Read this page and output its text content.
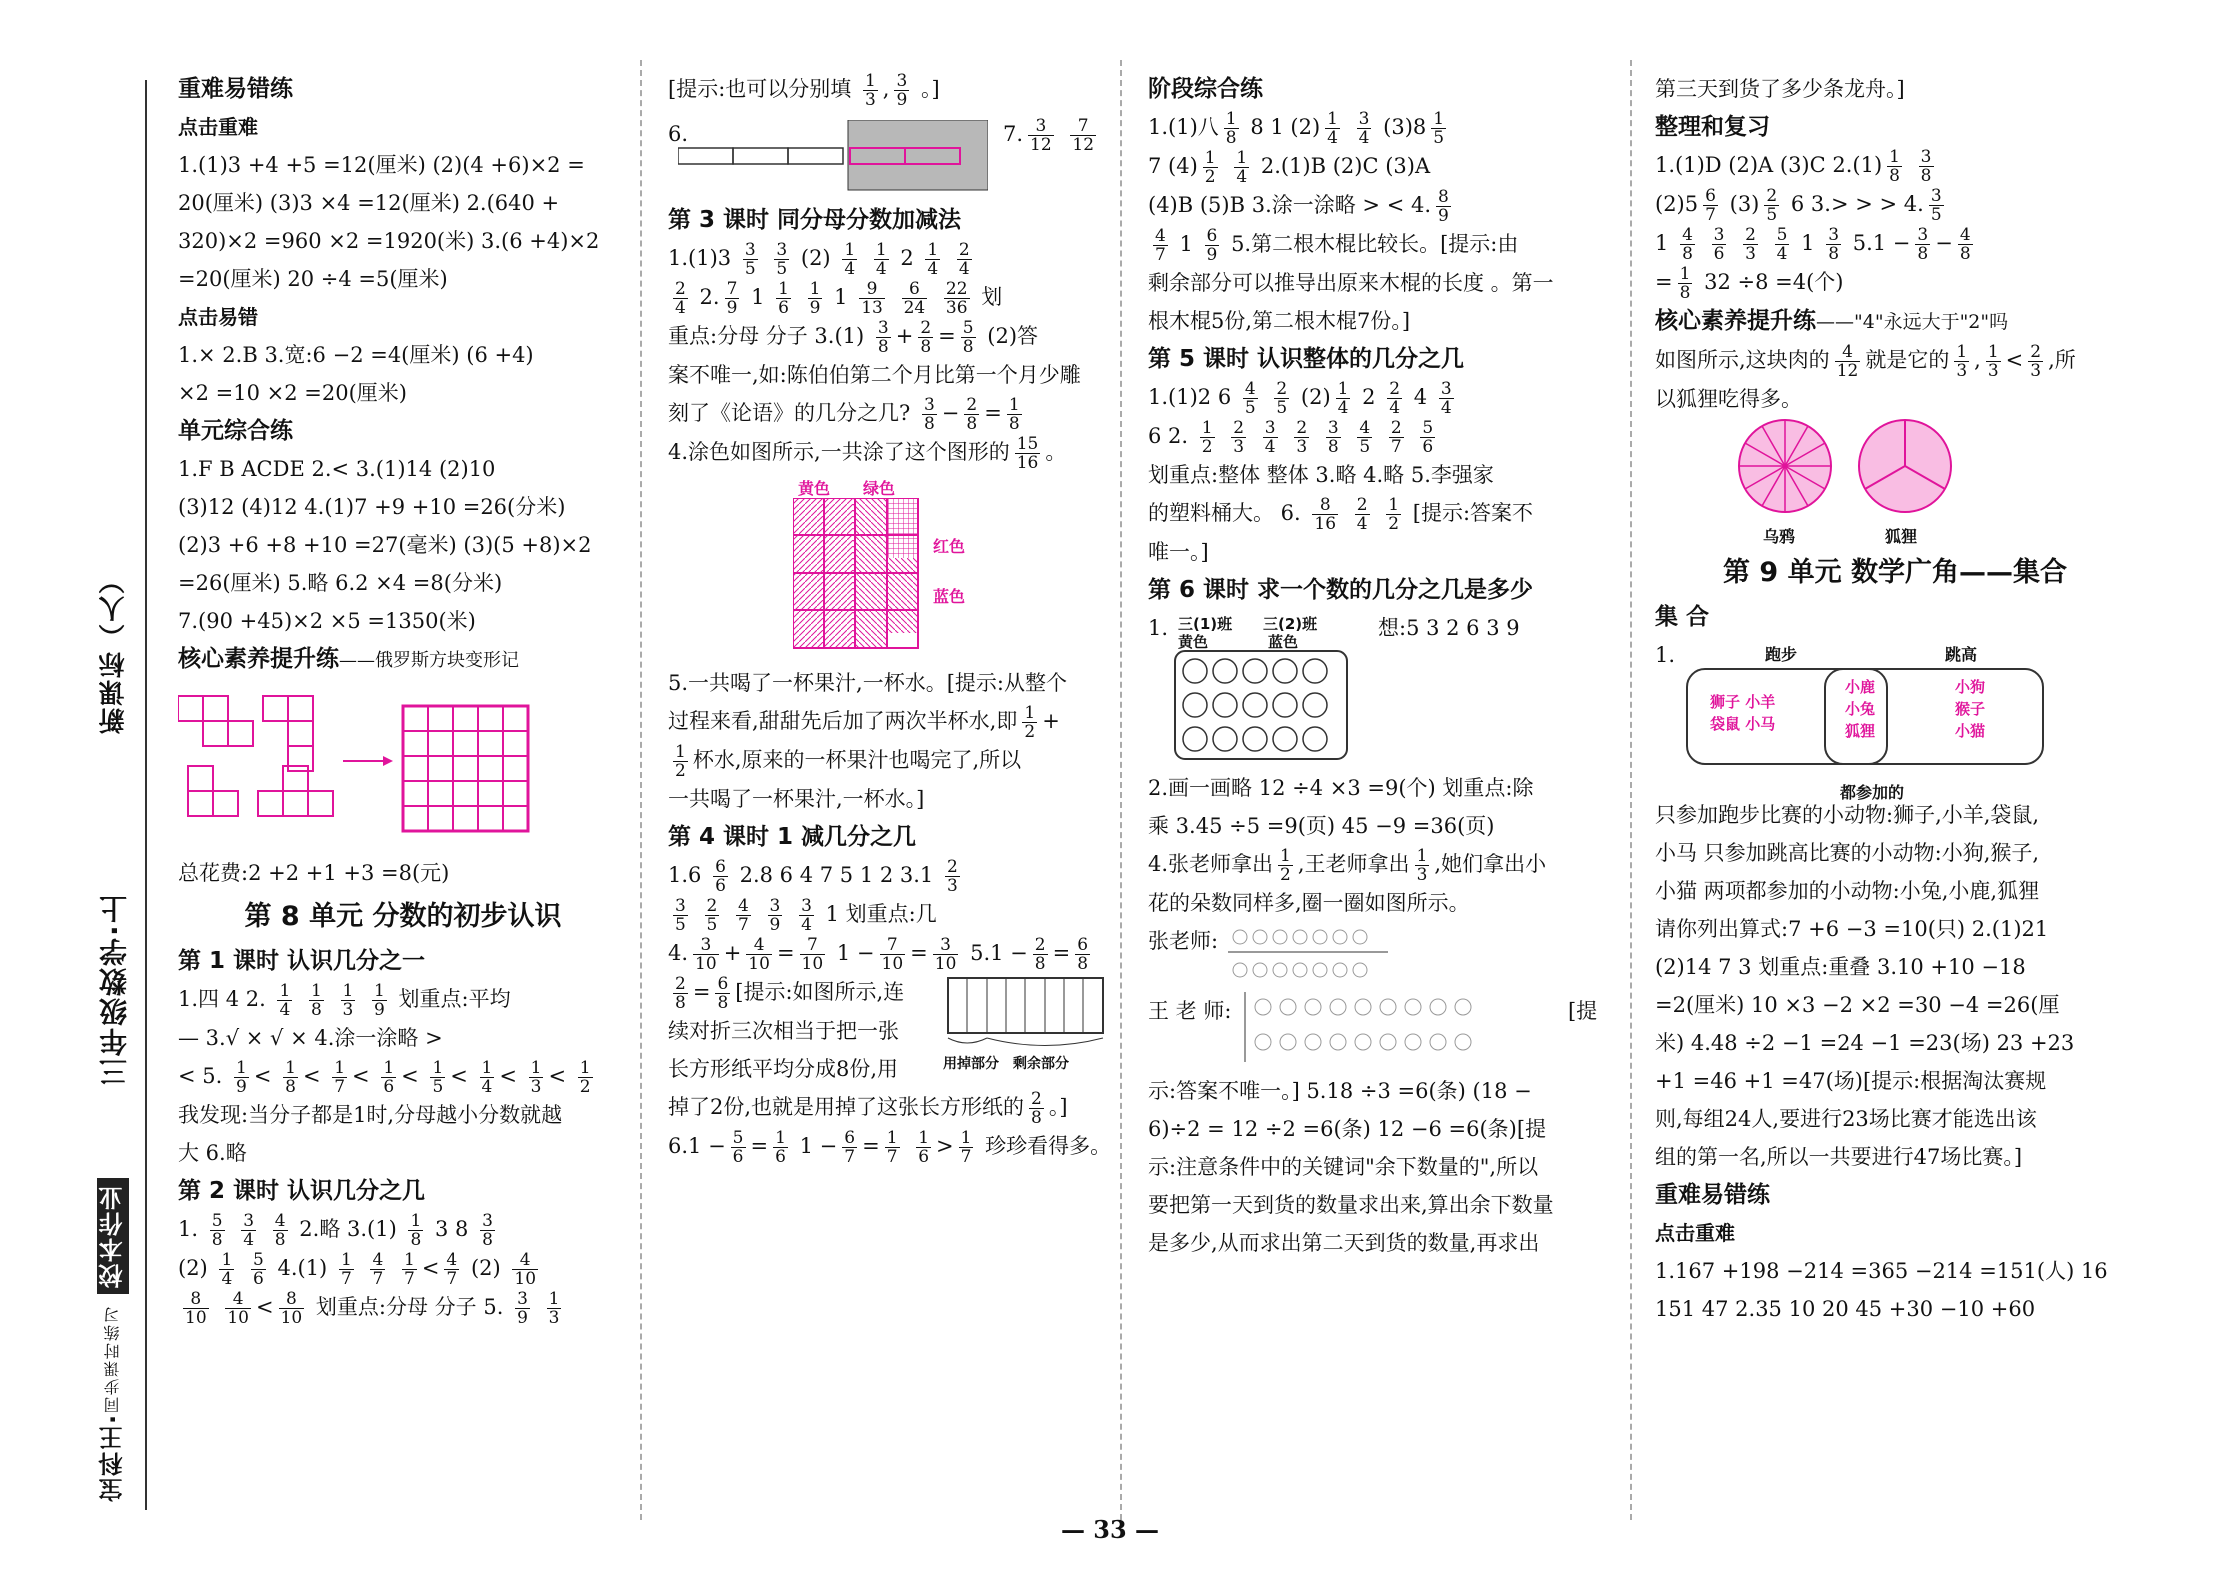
宝科王·同步课时练习 校本作业
三年级数学·上
新课标（人）
重难易错练
点击重难
1.(1)3 +4 +5 =12(厘米) (2)(4 +6)×2 =
20(厘米) (3)3 ×4 =12(厘米) 2.(640 +
320)×2 =960 ×2 =1920(米) 3.(6 +4)×2
=20(厘米) 20 ÷4 =5(厘米)
点击易错
1.× 2.B 3.宽:6 −2 =4(厘米) (6 +4)
×2 =10 ×2 =20(厘米)
单元综合练
1.F B ACDE 2.< 3.(1)14 (2)10
(3)12 (4)12 4.(1)7 +9 +10 =26(分米)
(2)3 +6 +8 +10 =27(毫米) (3)(5 +8)×2
=26(厘米) 5.略 6.2 ×4 =8(分米)
7.(90 +45)×2 ×5 =1350(米)
核心素养提升练——俄罗斯方块变形记
总花费:2 +2 +1 +3 =8(元)
第 8 单元 分数的初步认识
第 1 课时 认识几分之一
1.四 4 2. $\frac{1}{4}$
$\frac{1}{8}$
$\frac{1}{3}$
$\frac{1}{9}$ 划重点:平均
— 3.√ × √ × 4.涂一涂略 >
< 5. $\frac{1}{9} < \frac{1}{8} < \frac{1}{7} < \frac{1}{6} < \frac{1}{5} < \frac{1}{4} < \frac{1}{3} < \frac{1}{2}$
我发现:当分子都是1时,分母越小分数就越
大 6.略
第 2 课时 认识几分之几
1. $\frac{5}{8}$
$\frac{3}{4}$
$\frac{4}{8} 2$.略 $3.(1) \frac{1}{8} 3$ $8 \frac{3}{8}$
$(2) \frac{1}{4}$
$\frac{5}{6} 4.(1) \frac{1}{7}$
$\frac{4}{7}$
$\frac{1}{7} < \frac{4}{7} (2) \frac{4}{10}$
$\frac{8}{10}$
$\frac{4}{10} < \frac{8}{10}$ 划重点:分母 分子 5. $\frac{3}{9}$
$\frac{1}{3}$
[提示:也可以分别填 $\frac{1}{3}$ , $\frac{3}{9}$ 。]
6.	7. $\frac{3}{12}$
$\frac{7}{12}$
第 3 课时 同分母分数加减法
$1.(1)3 \frac{3}{5}$
$\frac{3}{5} (2) \frac{1}{4}$
$\frac{1}{4} 2 \frac{1}{4}$
$\frac{2}{4}$
$\frac{2}{4} 2$. $\frac{7}{9} 1 \frac{1}{6}$
$\frac{1}{9} 1 \frac{9}{13}$
$\frac{6}{24}$
$\frac{22}{36}$ 划
重点:分母 分子 $3.(1) \frac{3}{8} + \frac{2}{8} = \frac{5}{8} (2)$答
案不唯一,如:陈伯伯第二个月比第一个月少雕
刻了《论语》的几分之几? $\frac{3}{8} - \frac{2}{8} = \frac{1}{8}$
4.涂色如图所示,一共涂了这个图形的 $\frac{15}{16}$ 。
黄色 绿色
红色
蓝色
5.一共喝了一杯果汁,一杯水。[提示:从整个
过程来看,甜甜先后加了两次半杯水,即 $\frac{1}{2}$ +
$\frac{1}{2}$ 杯水,原来的一杯果汁也喝完了,所以
一共喝了一杯果汁,一杯水。]
第 4 课时 1 减几分之几
$1.6 \frac{6}{6} 2.8$ 6 4 7 5 1 2 $3.1 \frac{2}{3}$
$\frac{3}{5}$
$\frac{2}{5}$
$\frac{4}{7}$
$\frac{3}{9}$
$\frac{3}{4} 1$ 划重点:几
4. $\frac{3}{10} + \frac{4}{10} = \frac{7}{10} 1 - \frac{7}{10} = \frac{3}{10} 5.1 - \frac{2}{8} = \frac{6}{8}$
$\frac{2}{8} = \frac{6}{8}$ [提示:如图所示,连
续对折三次相当于把一张
长方形纸平均分成8份,用	用掉部分 剩余部分
掉了2份,也就是用掉了这张长方形纸的 $\frac{2}{8}$ 。]
$6.1 - \frac{5}{6} = \frac{1}{6} 1 - \frac{6}{7} = \frac{1}{7}$
$\frac{1}{6} > \frac{1}{7}$ 珍珍看得多。
阶段综合练
1.(1)八 $\frac{1}{8} 8$ 1 $(2) \frac{1}{4}$
$\frac{3}{4} (3)8 \frac{1}{5}$
7 $(4) \frac{1}{2}$
$\frac{1}{4} 2.(1)B$ (2)C (3)A
(4)B (5)B 3.涂一涂略 > < 4. $\frac{8}{9}$
$\frac{4}{7} 1 \frac{6}{9} 5$.第二根木棍比较长。[提示:由
剩余部分可以推导出原来木棍的长度 。第一
根木棍5份,第二根木棍7份。]
第 5 课时 认识整体的几分之几
1.(1)2 $6 \frac{4}{5}$
$\frac{2}{5} (2) \frac{1}{4} 2 \frac{2}{4} 4 \frac{3}{4}$
6 2. $\frac{1}{2}$
$\frac{2}{3}$
$\frac{3}{4}$
$\frac{2}{3}$
$\frac{3}{8}$
$\frac{4}{5}$
$\frac{2}{7}$
$\frac{5}{6}$
划重点:整体 整体 3.略 4.略 5.李强家
的塑料桶大。 6. $\frac{8}{16}$
$\frac{2}{4}$
$\frac{1}{2}$ [提示:答案不
唯一。]
第 6 课时 求一个数的几分之几是多少
1. 三(1)班
黄色
三(2)班
蓝色
想:5 3 2 6 3 9
2.画一画略 12 ÷4 ×3 =9(个) 划重点:除
乘 3.45 ÷5 =9(页) 45 −9 =36(页)
4.张老师拿出 $\frac{1}{2}$ ,王老师拿出 $\frac{1}{3}$ ,她们拿出小
花的朵数同样多,圈一圈如图所示。
张老师:
王 老 师:	[提
示:答案不唯一。] 5.18 ÷3 =6(条) (18 −
6)÷2 = 12 ÷2 =6(条) 12 −6 =6(条)[提
示:注意条件中的关键词"余下数量的",所以
要把第一天到货的数量求出来,算出余下数量
是多少,从而求出第二天到货的数量,再求出
第三天到货了多少条龙舟。]
整理和复习
1.(1)D (2)A (3)C $2.(1) \frac{1}{8}$
$\frac{3}{8}$
$(2)5 \frac{6}{7} (3) \frac{2}{5} 6$ 3.> > > 4. $\frac{3}{5}$
$1 \frac{4}{8}$
$\frac{3}{6}$
$\frac{2}{3}$
$\frac{5}{4} 1 \frac{3}{8} 5.1 - \frac{3}{8} - \frac{4}{8}$
= $\frac{1}{8} 32 \div 8 =4$(个)
核心素养提升练——"4"永远大于"2"吗
如图所示,这块肉的 $\frac{4}{12}$ 就是它的 $\frac{1}{3}$ , $\frac{1}{3} < \frac{2}{3}$ ,所
以狐狸吃得多。
乌鸦	狐狸
第 9 单元 数学广角——集合
集 合
1.	跑步	跳高
狮子 小羊
袋鼠 小马
小鹿
小兔
狐狸
小狗
猴子
小猫
都参加的
只参加跑步比赛的小动物:狮子,小羊,袋鼠,
小马 只参加跳高比赛的小动物:小狗,猴子,
小猫 两项都参加的小动物:小兔,小鹿,狐狸
请你列出算式:7 +6 −3 =10(只) 2.(1)21
(2)14 7 3 划重点:重叠 3.10 +10 −18
=2(厘米) 10 ×3 −2 ×2 =30 −4 =26(厘
米) 4.48 ÷2 −1 =24 −1 =23(场) 23 +23
+1 =46 +1 =47(场)[提示:根据淘汰赛规
则,每组24人,要进行23场比赛才能选出该
组的第一名,所以一共要进行47场比赛。]
重难易错练
点击重难
1.167 +198 −214 =365 −214 =151(人) 16
151 47 2.35 10 20 45 +30 −10 +60
— 33 —
